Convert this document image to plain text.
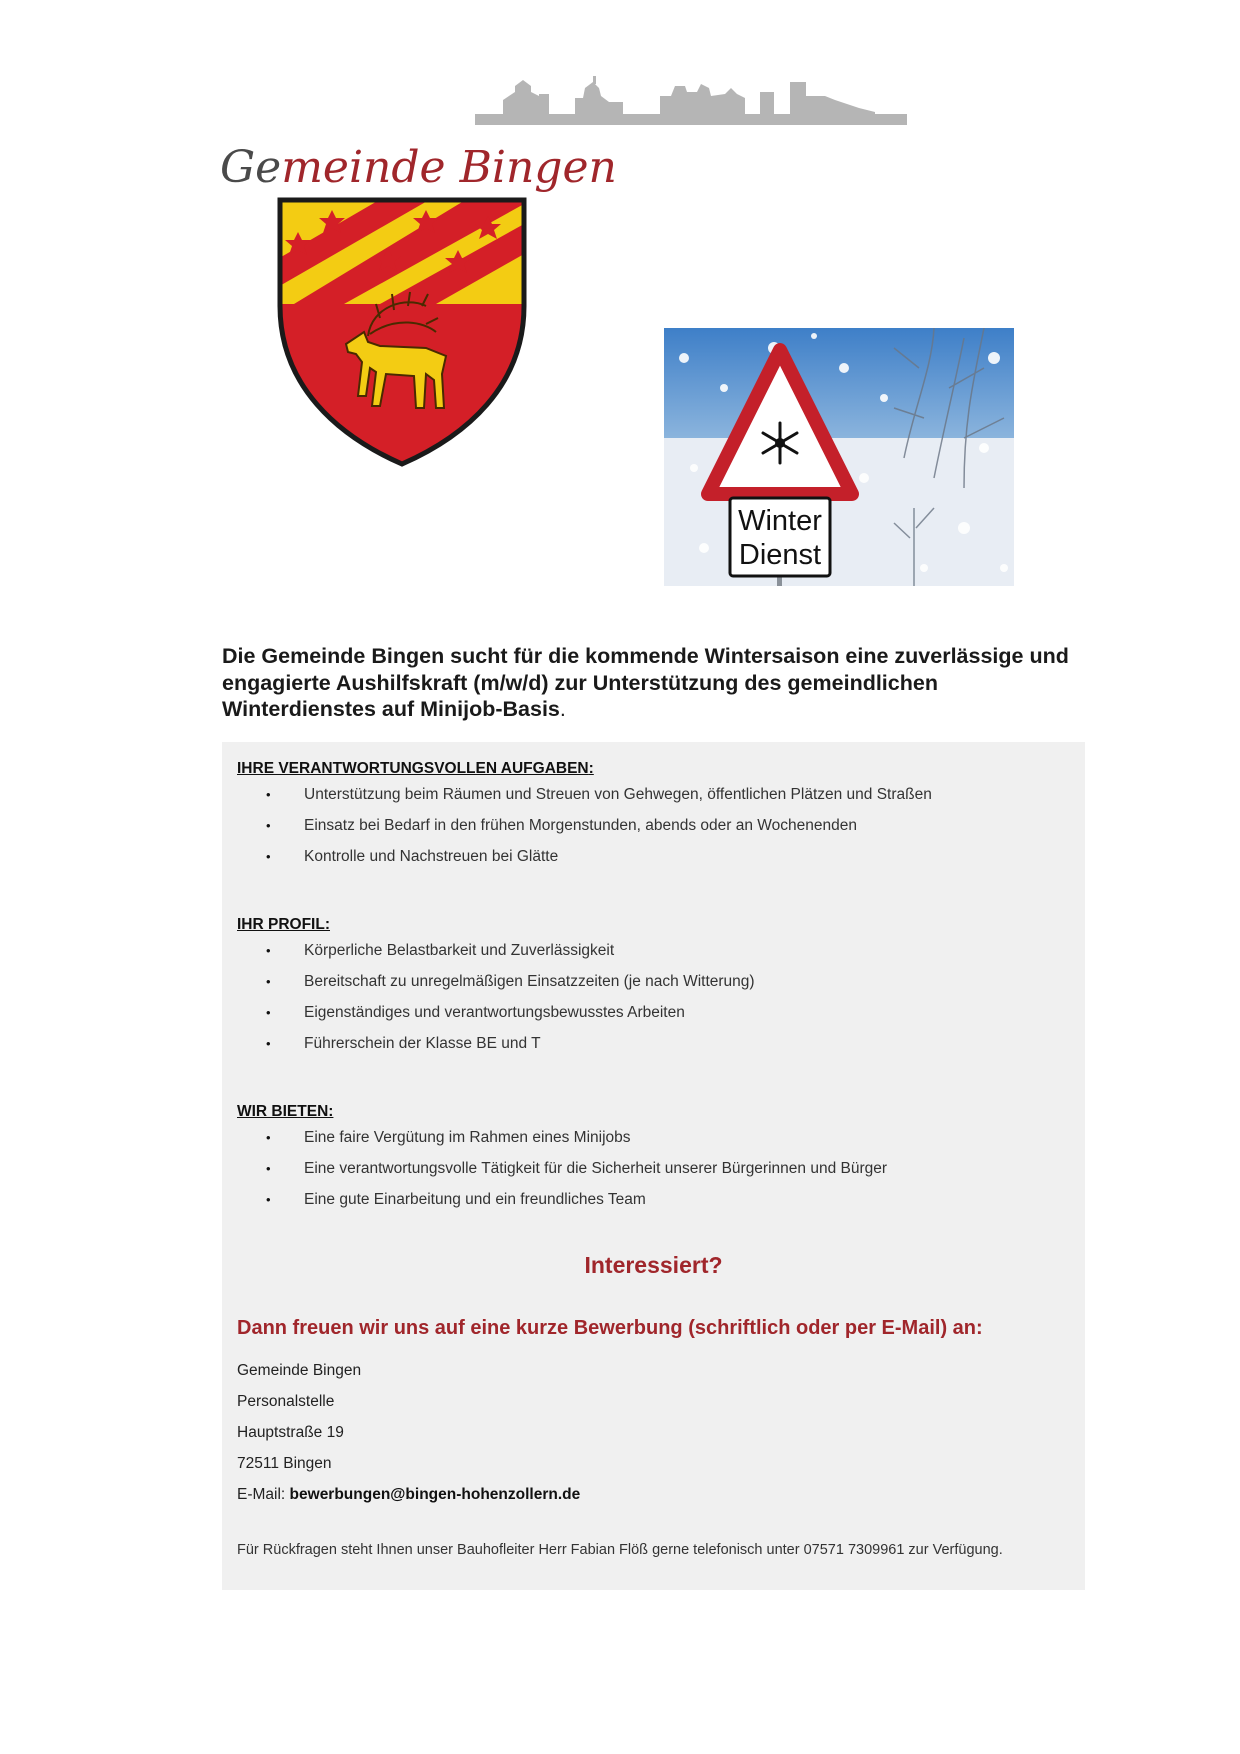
Gemeinde Bingen
Winter
Dienst

Die Gemeinde Bingen sucht für die kommende Wintersaison eine zuverlässige und engagierte Aushilfskraft (m/w/d) zur Unterstützung des gemeindlichen Winterdienstes auf Minijob-Basis.

IHRE VERANTWORTUNGSVOLLEN AUFGABEN:
• Unterstützung beim Räumen und Streuen von Gehwegen, öffentlichen Plätzen und Straßen
• Einsatz bei Bedarf in den frühen Morgenstunden, abends oder an Wochenenden
• Kontrolle und Nachstreuen bei Glätte
IHR PROFIL:
• Körperliche Belastbarkeit und Zuverlässigkeit
• Bereitschaft zu unregelmäßigen Einsatzzeiten (je nach Witterung)
• Eigenständiges und verantwortungsbewusstes Arbeiten
• Führerschein der Klasse BE und T
WIR BIETEN:
• Eine faire Vergütung im Rahmen eines Minijobs
• Eine verantwortungsvolle Tätigkeit für die Sicherheit unserer Bürgerinnen und Bürger
• Eine gute Einarbeitung und ein freundliches Team
Interessiert?
Dann freuen wir uns auf eine kurze Bewerbung (schriftlich oder per E-Mail) an:
Gemeinde Bingen
Personalstelle
Hauptstraße 19
72511 Bingen
E-Mail: bewerbungen@bingen-hohenzollern.de
Für Rückfragen steht Ihnen unser Bauhofleiter Herr Fabian Flöß gerne telefonisch unter 07571 7309961 zur Verfügung.
